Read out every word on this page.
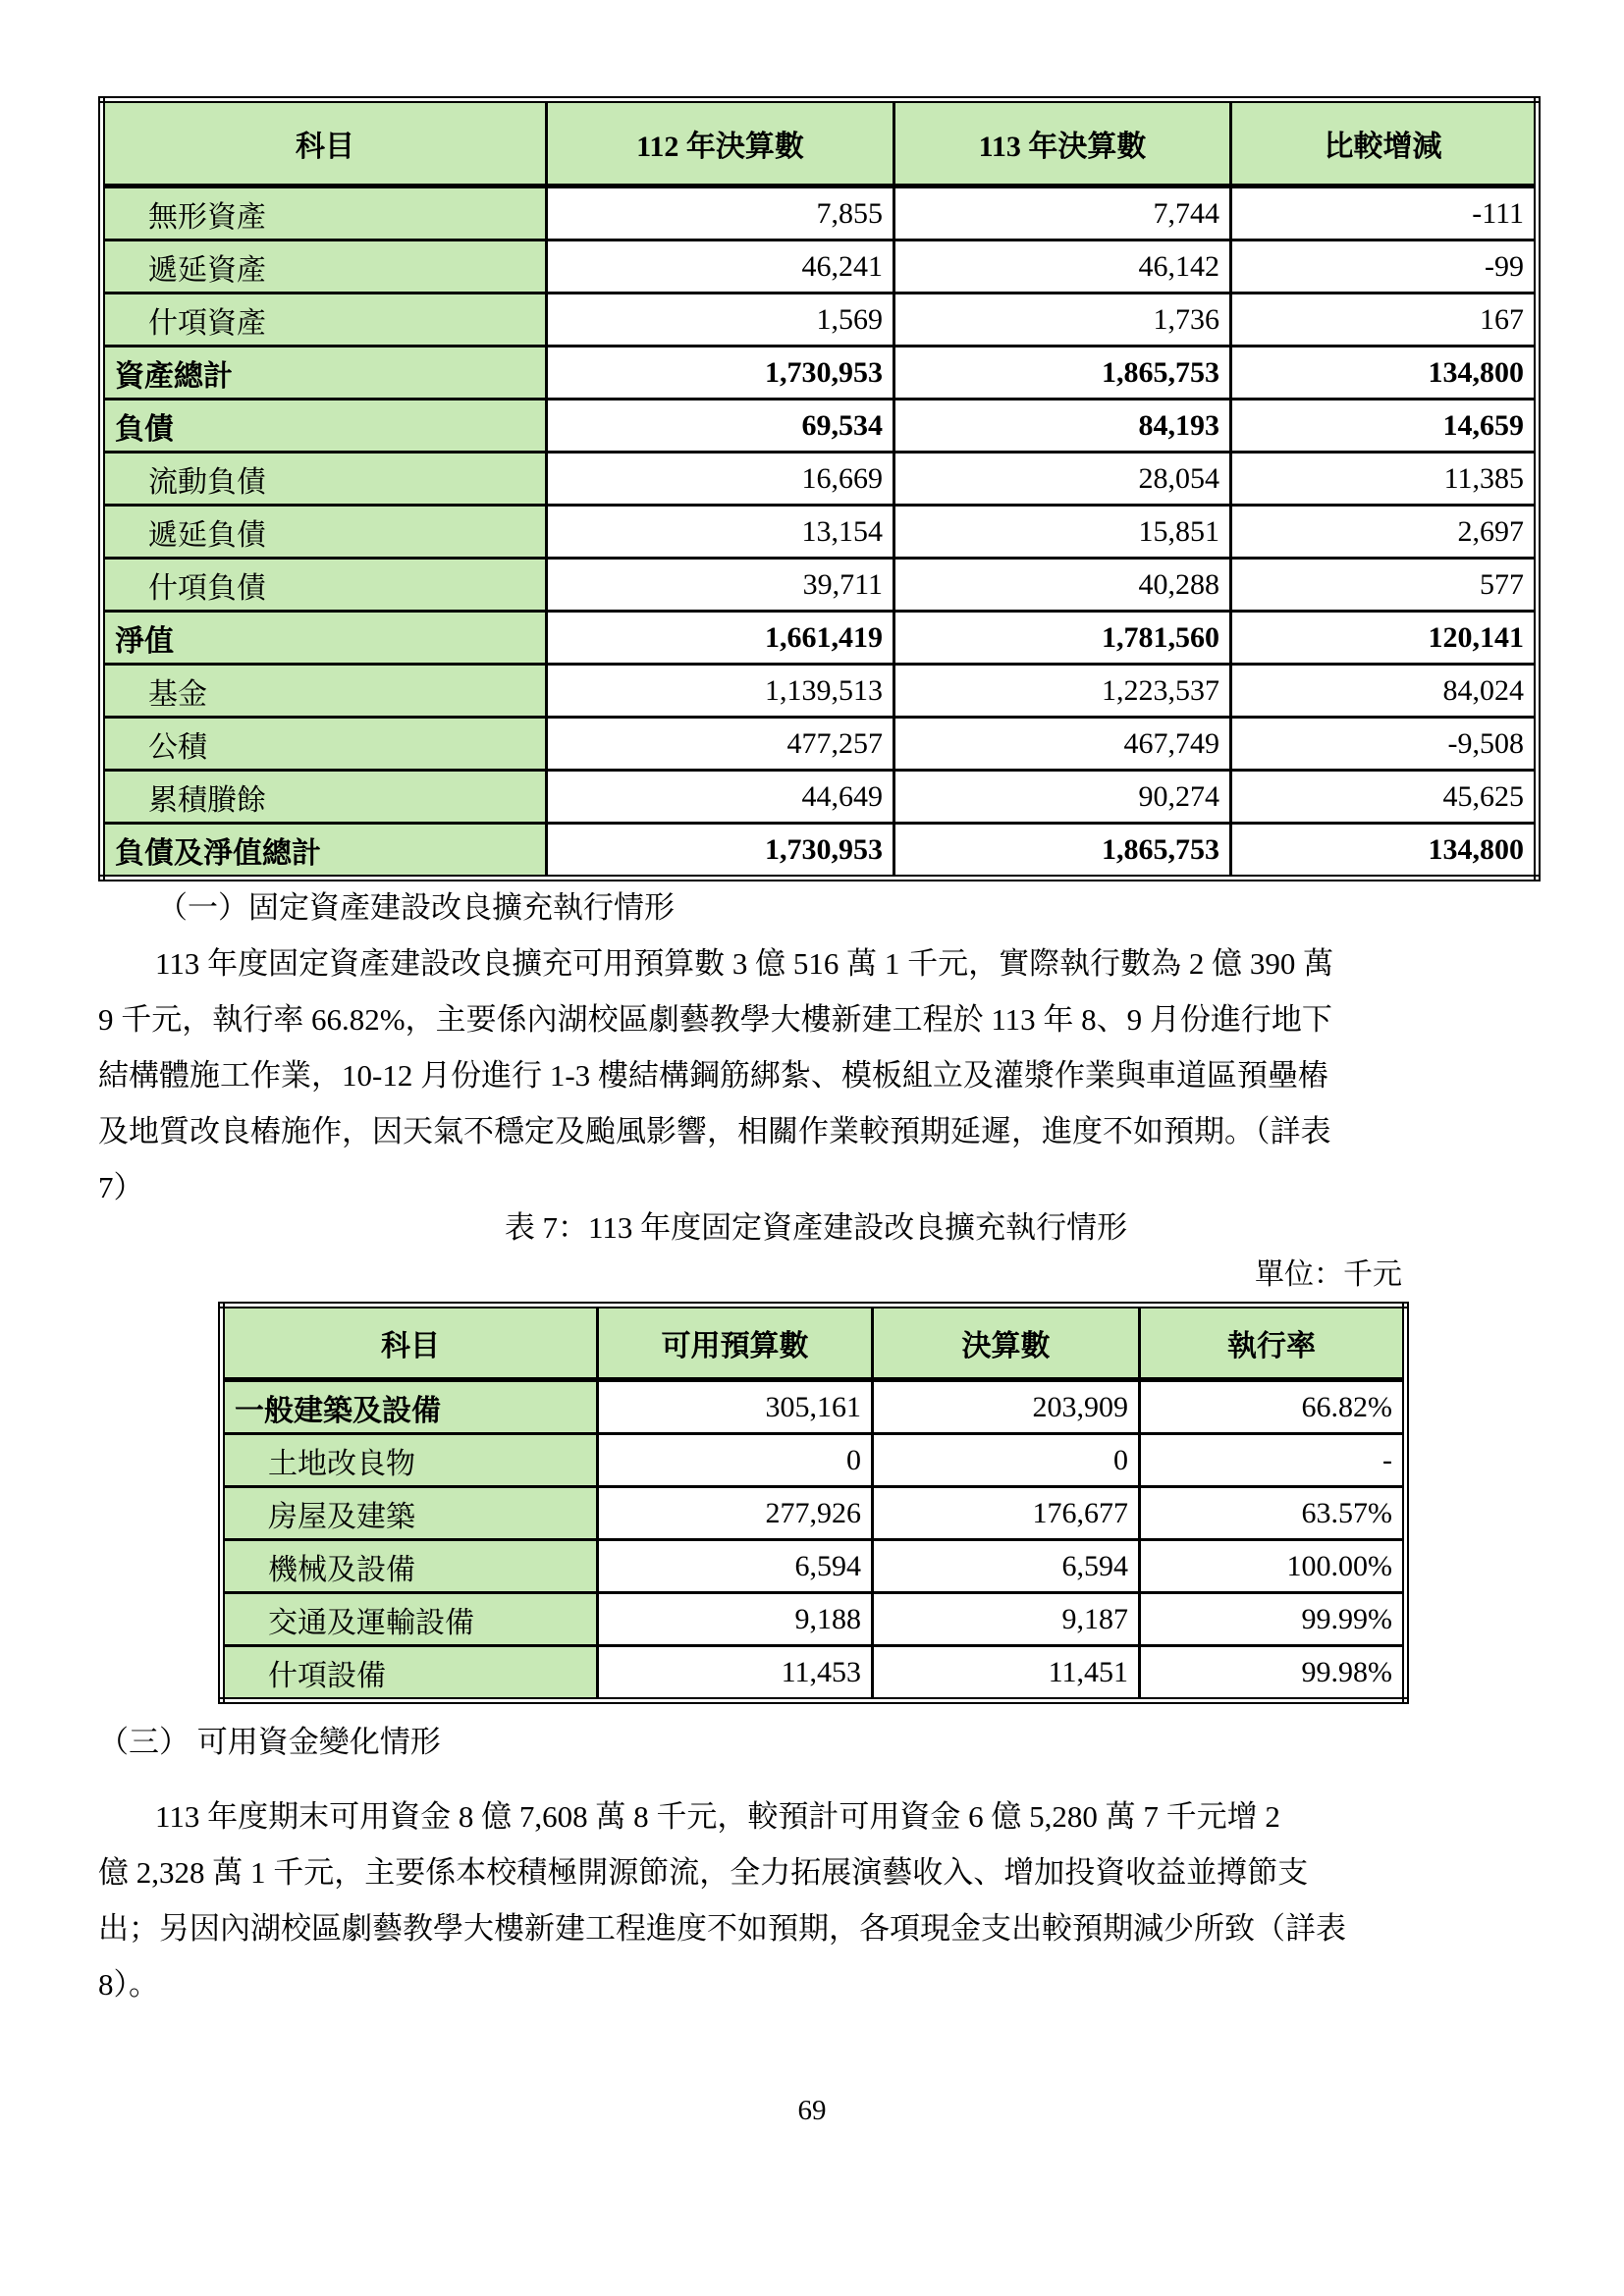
科目	112 年決算數	113 年決算數	比較增減
無形資產	7,855	7,744	-111
遞延資產	46,241	46,142	-99
什項資產	1,569	1,736	167
資產總計	1,730,953	1,865,753	134,800
負債	69,534	84,193	14,659
流動負債	16,669	28,054	11,385
遞延負債	13,154	15,851	2,697
什項負債	39,711	40,288	577
淨值	1,661,419	1,781,560	120,141
基金	1,139,513	1,223,537	84,024
公積	477,257	467,749	-9,508
累積賸餘	44,649	90,274	45,625
負債及淨值總計	1,730,953	1,865,753	134,800
（一）固定資產建設改良擴充執行情形
113 年度固定資產建設改良擴充可用預算數 3 億 516 萬 1 千元，實際執行數為 2 億 390 萬
9 千元，執行率 66.82%，主要係內湖校區劇藝教學大樓新建工程於 113 年 8、9 月份進行地下
結構體施工作業，10-12 月份進行 1-3 樓結構鋼筋綁紮、模板組立及灌漿作業與車道區預壘樁
及地質改良樁施作，因天氣不穩定及颱風影響，相關作業較預期延遲，進度不如預期。（詳表
7）
表 7：113 年度固定資產建設改良擴充執行情形
單位：千元
科目	可用預算數	決算數	執行率
一般建築及設備	305,161	203,909	66.82%
土地改良物	0	0	-
房屋及建築	277,926	176,677	63.57%
機械及設備	6,594	6,594	100.00%
交通及運輸設備	9,188	9,187	99.99%
什項設備	11,453	11,451	99.98%
（三） 可用資金變化情形
113 年度期末可用資金 8 億 7,608 萬 8 千元，較預計可用資金 6 億 5,280 萬 7 千元增 2
億 2,328 萬 1 千元，主要係本校積極開源節流，全力拓展演藝收入、增加投資收益並撙節支
出；另因內湖校區劇藝教學大樓新建工程進度不如預期，各項現金支出較預期減少所致（詳表
8）。
69
